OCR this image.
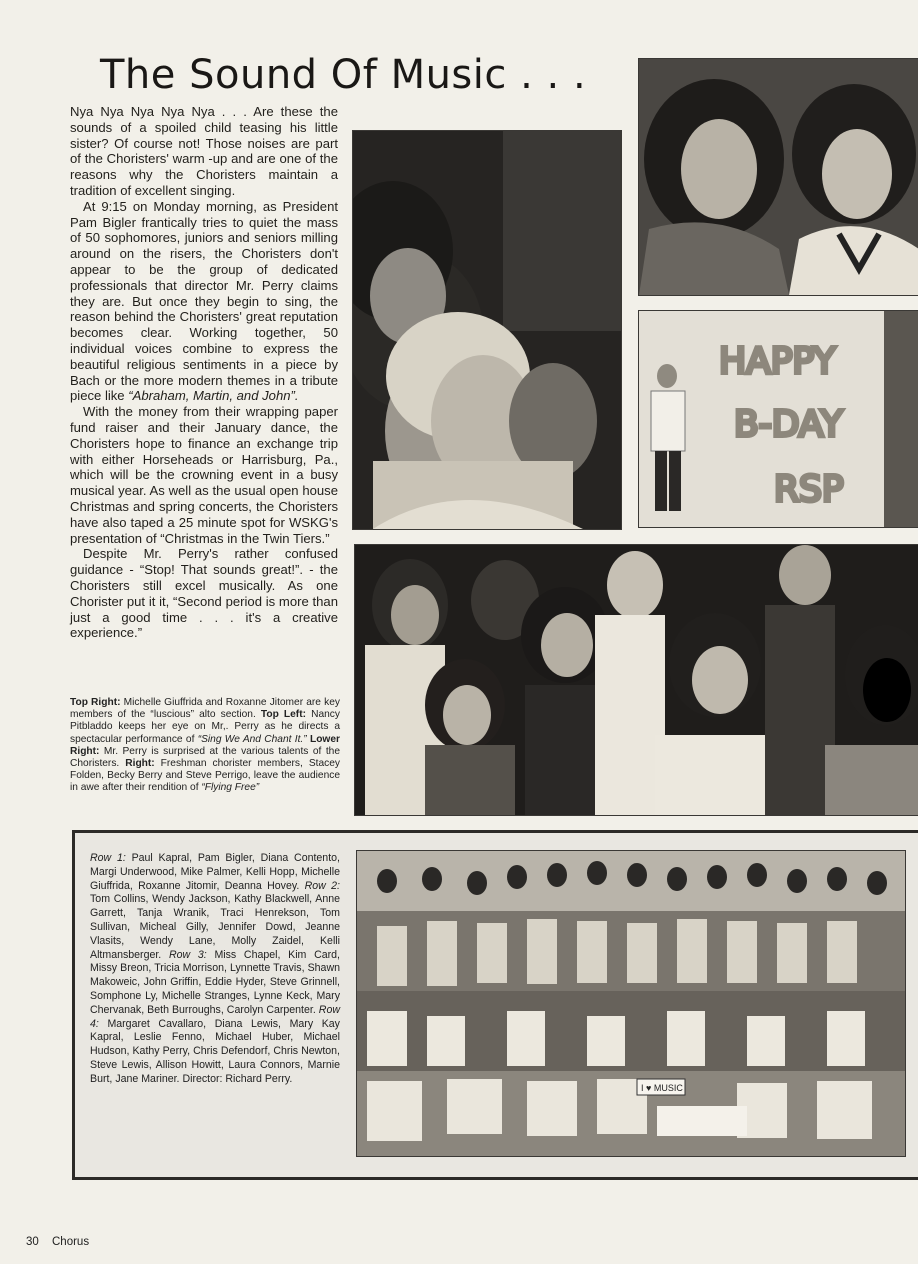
The Sound Of Music . . .

Nya Nya Nya Nya Nya . . . Are these the sounds of a spoiled child teasing his little sister? Of course not! Those noises are part of the Choristers' warm -up and are one of the reasons why the Choristers maintain a tradition of excellent singing.

At 9:15 on Monday morning, as President Pam Bigler frantically tries to quiet the mass of 50 sophomores, juniors and seniors milling around on the risers, the Choristers don't appear to be the group of dedicated professionals that director Mr. Perry claims they are. But once they begin to sing, the reason behind the Choristers' great reputation becomes clear. Working together, 50 individual voices combine to express the beautiful religious sentiments in a piece by Bach or the more modern themes in a tribute piece like “Abraham, Martin, and John”.

With the money from their wrapping paper fund raiser and their January dance, the Choristers hope to finance an exchange trip with either Horseheads or Harrisburg, Pa., which will be the crowning event in a busy musical year. As well as the usual open house Christmas and spring concerts, the Choristers have also taped a 25 minute spot for WSKG's presentation of “Christmas in the Twin Tiers.”

Despite Mr. Perry's rather confused guidance - “Stop! That sounds great!”. - the Choristers still excel musically. As one Chorister put it it, “Second period is more than just a good time . . . it's a creative experience.”

Top Right: Michelle Giuffrida and Roxanne Jitomer are key members of the “luscious” alto section. Top Left: Nancy Pitbladdo keeps her eye on Mr,. Perry as he directs a spectacular performance of “Sing We And Chant It.” Lower Right: Mr. Perry is surprised at the various talents of the Choristers. Right: Freshman chorister members, Stacey Folden, Becky Berry and Steve Perrigo, leave the audience in awe after their rendition of “Flying Free”
HAPPY
B-DAY
RSP
Row 1: Paul Kapral, Pam Bigler, Diana Contento, Margi Underwood, Mike Palmer, Kelli Hopp, Michelle Giuffrida, Roxanne Jitomir, Deanna Hovey. Row 2: Tom Collins, Wendy Jackson, Kathy Blackwell, Anne Garrett, Tanja Wranik, Traci Henrekson, Tom Sullivan, Micheal Gilly, Jennifer Dowd, Jeanne Vlasits, Wendy Lane, Molly Zaidel, Kelli Altmansberger. Row 3: Miss Chapel, Kim Card, Missy Breon, Tricia Morrison, Lynnette Travis, Shawn Makoweic, John Griffin, Eddie Hyder, Steve Grinnell, Somphone Ly, Michelle Stranges, Lynne Keck, Mary Chervanak, Beth Burroughs, Carolyn Carpenter. Row 4: Margaret Cavallaro, Diana Lewis, Mary Kay Kapral, Leslie Fenno, Michael Huber, Michael Hudson, Kathy Perry, Chris Defendorf, Chris Newton, Steve Lewis, Allison Howitt, Laura Connors, Marnie Burt, Jane Mariner. Director: Richard Perry.
I ♥ MUSIC
30 Chorus
